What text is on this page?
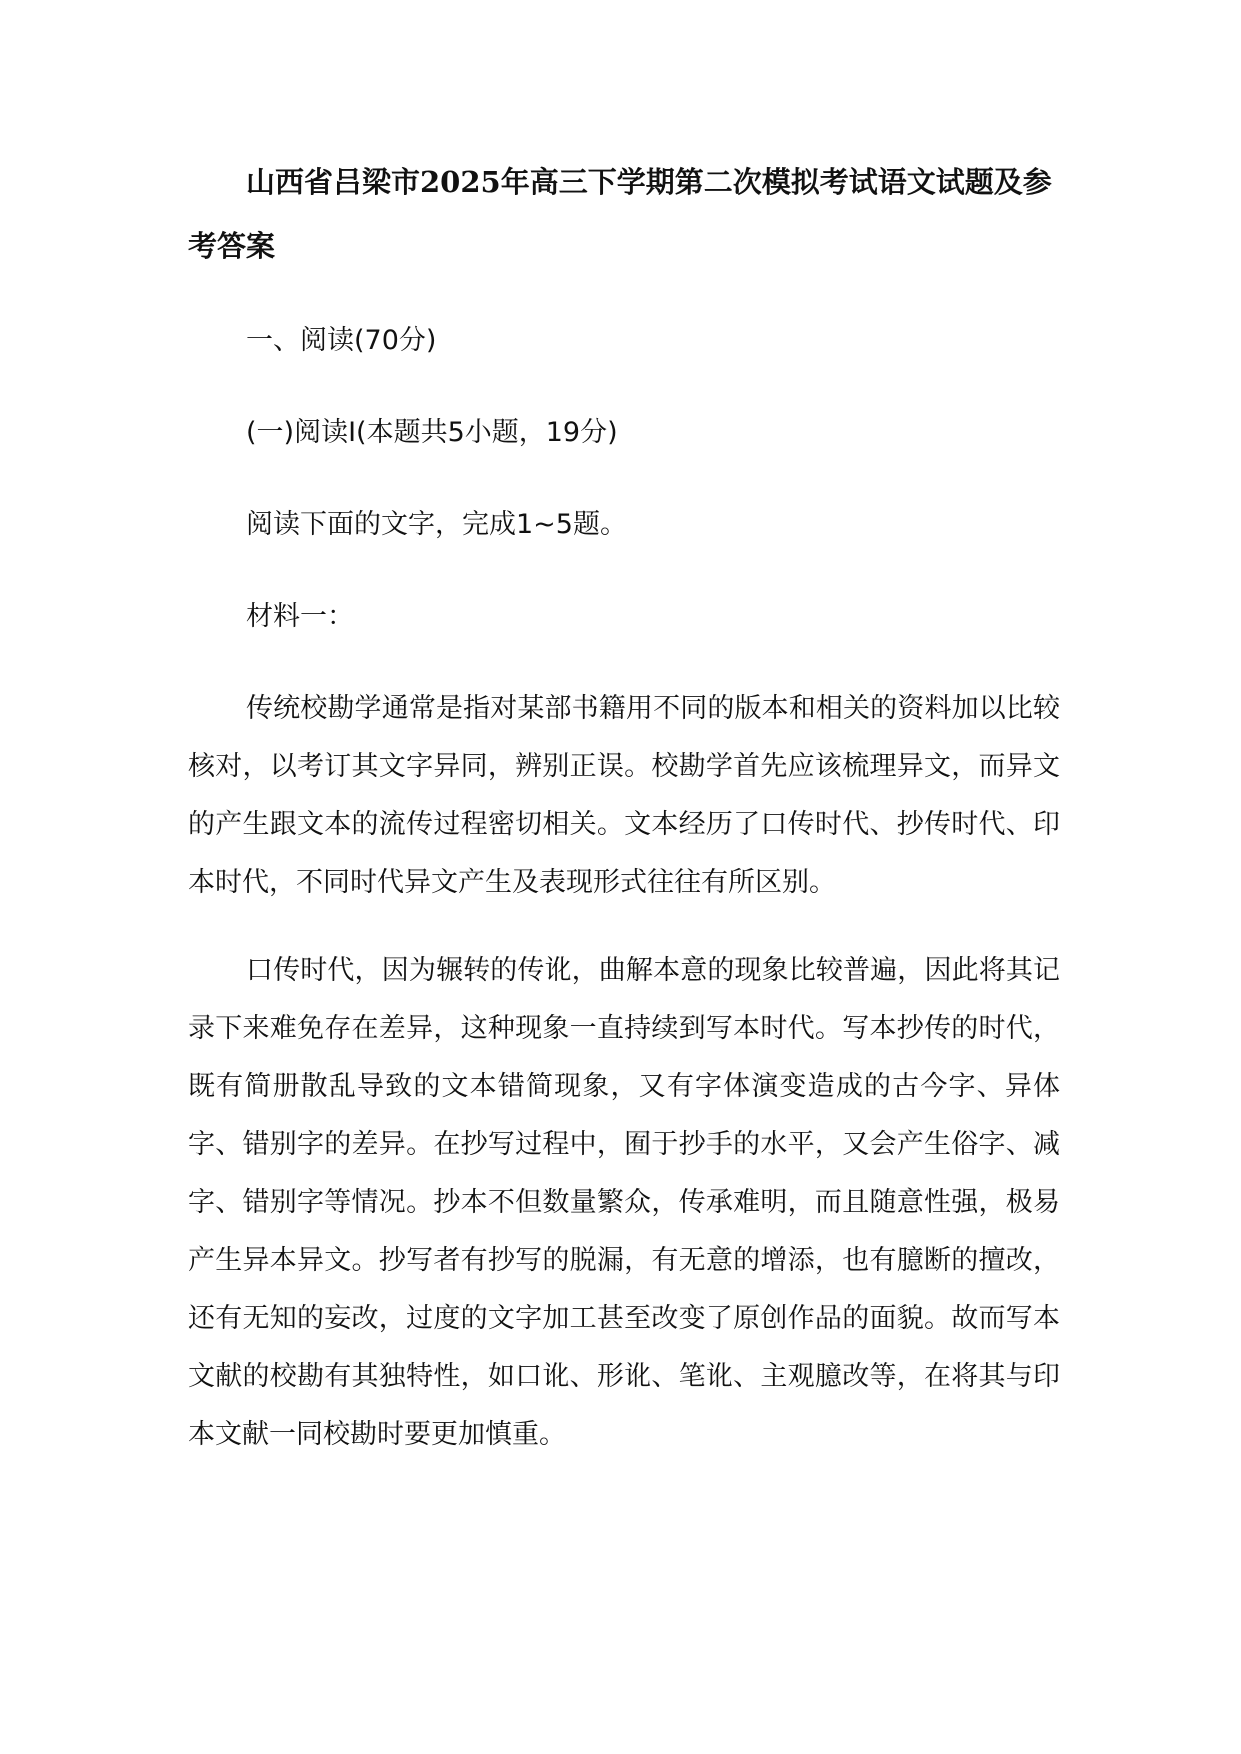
山西省吕梁市2025年高三下学期第二次模拟考试语文试题及参考答案

一、阅读(70分)

(一)阅读Ⅰ(本题共5小题，19分)

阅读下面的文字，完成1~5题。

材料一：

传统校勘学通常是指对某部书籍用不同的版本和相关的资料加以比较核对，以考订其文字异同，辨别正误。校勘学首先应该梳理异文，而异文的产生跟文本的流传过程密切相关。文本经历了口传时代、抄传时代、印本时代，不同时代异文产生及表现形式往往有所区别。

口传时代，因为辗转的传讹，曲解本意的现象比较普遍，因此将其记录下来难免存在差异，这种现象一直持续到写本时代。写本抄传的时代，既有简册散乱导致的文本错简现象，又有字体演变造成的古今字、异体字、错别字的差异。在抄写过程中，囿于抄手的水平，又会产生俗字、减字、错别字等情况。抄本不但数量繁众，传承难明，而且随意性强，极易产生异本异文。抄写者有抄写的脱漏，有无意的增添，也有臆断的擅改，还有无知的妄改，过度的文字加工甚至改变了原创作品的面貌。故而写本文献的校勘有其独特性，如口讹、形讹、笔讹、主观臆改等，在将其与印本文献一同校勘时要更加慎重。
